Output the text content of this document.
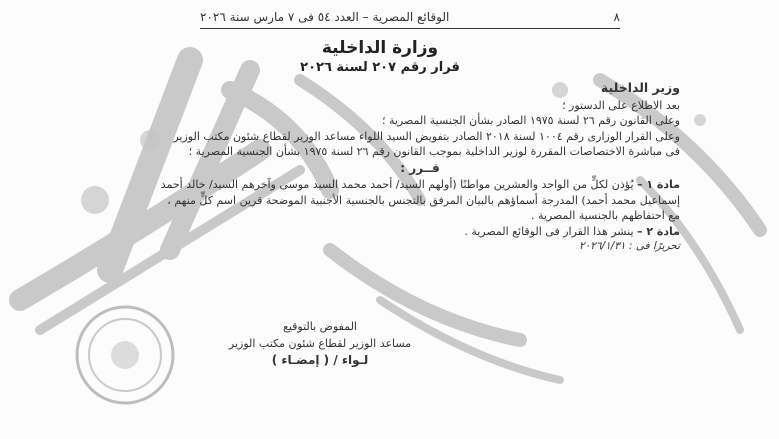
٨
الوقائع المصرية – العدد ٥٤ فى ٧ مارس سنة ٢٠٢٦
وزارة الداخلية
قرار رقم ٢٠٧ لسنة ٢٠٢٦

وزير الداخلية

بعد الاطلاع على الدستور ؛

وعلى القانون رقم ٢٦ لسنة ١٩٧٥ الصادر بشأن الجنسية المصرية ؛

وعلى القرار الوزارى رقم ١٠٠٤ لسنة ٢٠١٨ الصادر بتفويض السيد اللواء مساعد الوزير لقطاع شئون مكتب الوزير فى مباشرة الاختصاصات المقررة لوزير الداخلية بموجب القانون رقم ٢٦ لسنة ١٩٧٥ بشأن الجنسية المصرية ؛

قــرر :

مادة ١ – يُؤذن لكلٍّ من الواحد والعشرين مواطنًا (أولهم السيد/ أحمد محمد السيد موسى وآخرهم السيد/ خالد أحمد إسماعيل محمد أحمد) المدرجة أسماؤهم بالبيان المرفق بالتجنس بالجنسية الأجنبية الموضحة قرين اسم كلٍّ منهم ، مع احتفاظهم بالجنسية المصرية .

مادة ٢ – ينشر هذا القرار فى الوقائع المصرية .

تحريرًا فى : ٢٠٢٦/١/٣١

المفوض بالتوقيع
مساعد الوزير لقطاع شئون مكتب الوزير
لـواء / ( إمضـاء )
